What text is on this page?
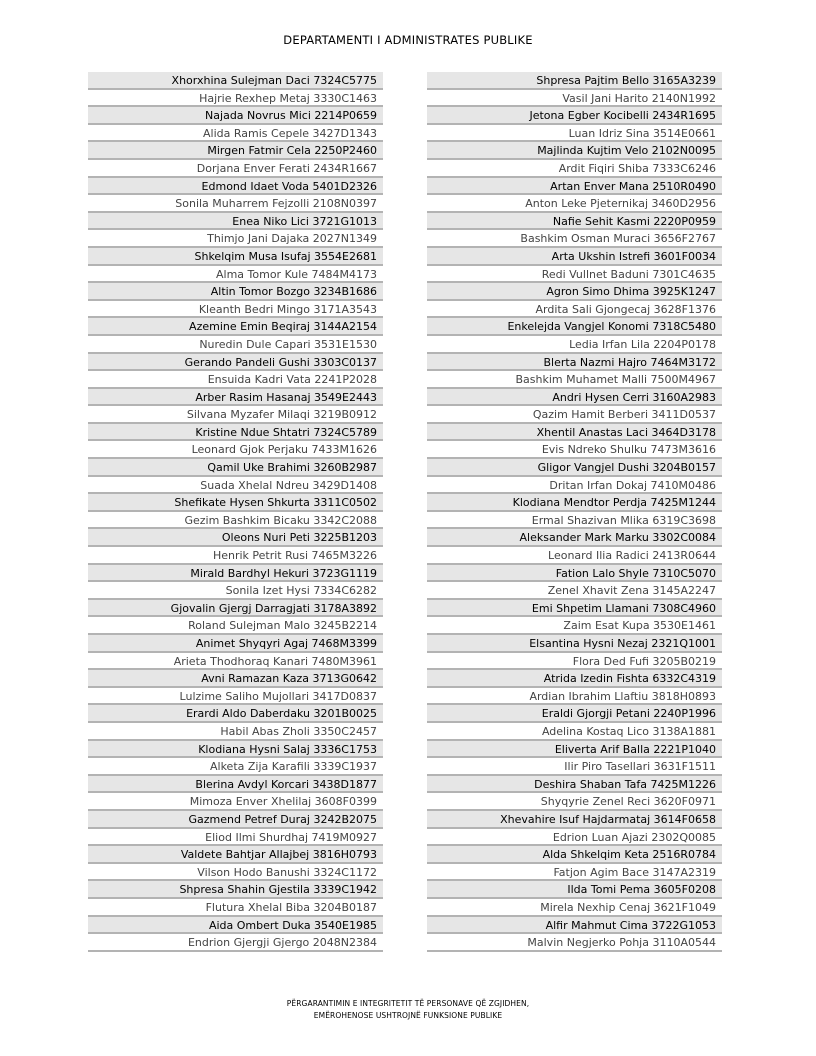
DEPARTAMENTI I ADMINISTRATES PUBLIKE
Xhorxhina Sulejman Daci 7324C5775
Hajrie Rexhep Metaj 3330C1463
Najada Novrus Mici 2214P0659
Alida Ramis Cepele 3427D1343
Mirgen Fatmir Cela 2250P2460
Dorjana Enver Ferati 2434R1667
Edmond Idaet Voda 5401D2326
Sonila Muharrem Fejzolli 2108N0397
Enea Niko Lici 3721G1013
Thimjo Jani Dajaka 2027N1349
Shkelqim Musa Isufaj 3554E2681
Alma Tomor Kule 7484M4173
Altin Tomor Bozgo 3234B1686
Kleanth Bedri Mingo 3171A3543
Azemine Emin Beqiraj 3144A2154
Nuredin Dule Capari 3531E1530
Gerando Pandeli Gushi 3303C0137
Ensuida Kadri Vata 2241P2028
Arber Rasim Hasanaj 3549E2443
Silvana Myzafer Milaqi 3219B0912
Kristine Ndue Shtatri 7324C5789
Leonard Gjok Perjaku 7433M1626
Qamil Uke Brahimi 3260B2987
Suada Xhelal Ndreu 3429D1408
Shefikate Hysen Shkurta 3311C0502
Gezim Bashkim Bicaku 3342C2088
Oleons Nuri Peti 3225B1203
Henrik Petrit Rusi 7465M3226
Mirald Bardhyl Hekuri 3723G1119
Sonila Izet Hysi 7334C6282
Gjovalin Gjergj Darragjati 3178A3892
Roland Sulejman Malo 3245B2214
Animet Shyqyri Agaj 7468M3399
Arieta Thodhoraq Kanari 7480M3961
Avni Ramazan Kaza 3713G0642
Lulzime Saliho Mujollari 3417D0837
Erardi Aldo Daberdaku 3201B0025
Habil Abas Zholi 3350C2457
Klodiana Hysni Salaj 3336C1753
Alketa Zija Karafili 3339C1937
Blerina Avdyl Korcari 3438D1877
Mimoza Enver Xhelilaj 3608F0399
Gazmend Petref Duraj 3242B2075
Eliod Ilmi Shurdhaj 7419M0927
Valdete Bahtjar Allajbej 3816H0793
Vilson Hodo Banushi 3324C1172
Shpresa Shahin Gjestila 3339C1942
Flutura Xhelal Biba 3204B0187
Aida Ombert Duka 3540E1985
Endrion Gjergji Gjergo 2048N2384
Shpresa Pajtim Bello 3165A3239
Vasil Jani Harito 2140N1992
Jetona Egber Kocibelli 2434R1695
Luan Idriz Sina 3514E0661
Majlinda Kujtim Velo 2102N0095
Ardit Fiqiri Shiba 7333C6246
Artan Enver Mana 2510R0490
Anton Leke Pjeternikaj 3460D2956
Nafie Sehit Kasmi 2220P0959
Bashkim Osman Muraci 3656F2767
Arta Ukshin Istrefi 3601F0034
Redi Vullnet Baduni 7301C4635
Agron Simo Dhima 3925K1247
Ardita Sali Gjongecaj 3628F1376
Enkelejda Vangjel Konomi 7318C5480
Ledia Irfan Lila 2204P0178
Blerta Nazmi Hajro 7464M3172
Bashkim Muhamet Malli 7500M4967
Andri Hysen Cerri 3160A2983
Qazim Hamit Berberi 3411D0537
Xhentil Anastas Laci 3464D3178
Evis Ndreko Shulku 7473M3616
Gligor Vangjel Dushi 3204B0157
Dritan Irfan Dokaj 7410M0486
Klodiana Mendtor Perdja 7425M1244
Ermal Shazivan Mlika 6319C3698
Aleksander Mark Marku 3302C0084
Leonard Ilia Radici 2413R0644
Fation Lalo Shyle 7310C5070
Zenel Xhavit Zena 3145A2247
Emi Shpetim Llamani 7308C4960
Zaim Esat Kupa 3530E1461
Elsantina Hysni Nezaj 2321Q1001
Flora Ded Fufi 3205B0219
Atrida Izedin Fishta 6332C4319
Ardian Ibrahim Llaftiu 3818H0893
Eraldi Gjorgji Petani 2240P1996
Adelina Kostaq Lico 3138A1881
Eliverta Arif Balla 2221P1040
Ilir Piro Tasellari 3631F1511
Deshira Shaban Tafa 7425M1226
Shyqyrie Zenel Reci 3620F0971
Xhevahire Isuf Hajdarmataj 3614F0658
Edrion Luan Ajazi 2302Q0085
Alda Shkelqim Keta 2516R0784
Fatjon Agim Bace 3147A2319
Ilda Tomi Pema 3605F0208
Mirela Nexhip Cenaj 3621F1049
Alfir Mahmut Cima 3722G1053
Malvin Negjerko Pohja 3110A0544
PËRGARANTIMIN E INTEGRITETIT TË PERSONAVE QË ZGJIDHEN,
EMËROHENOSE USHTROJNË FUNKSIONE PUBLIKE
